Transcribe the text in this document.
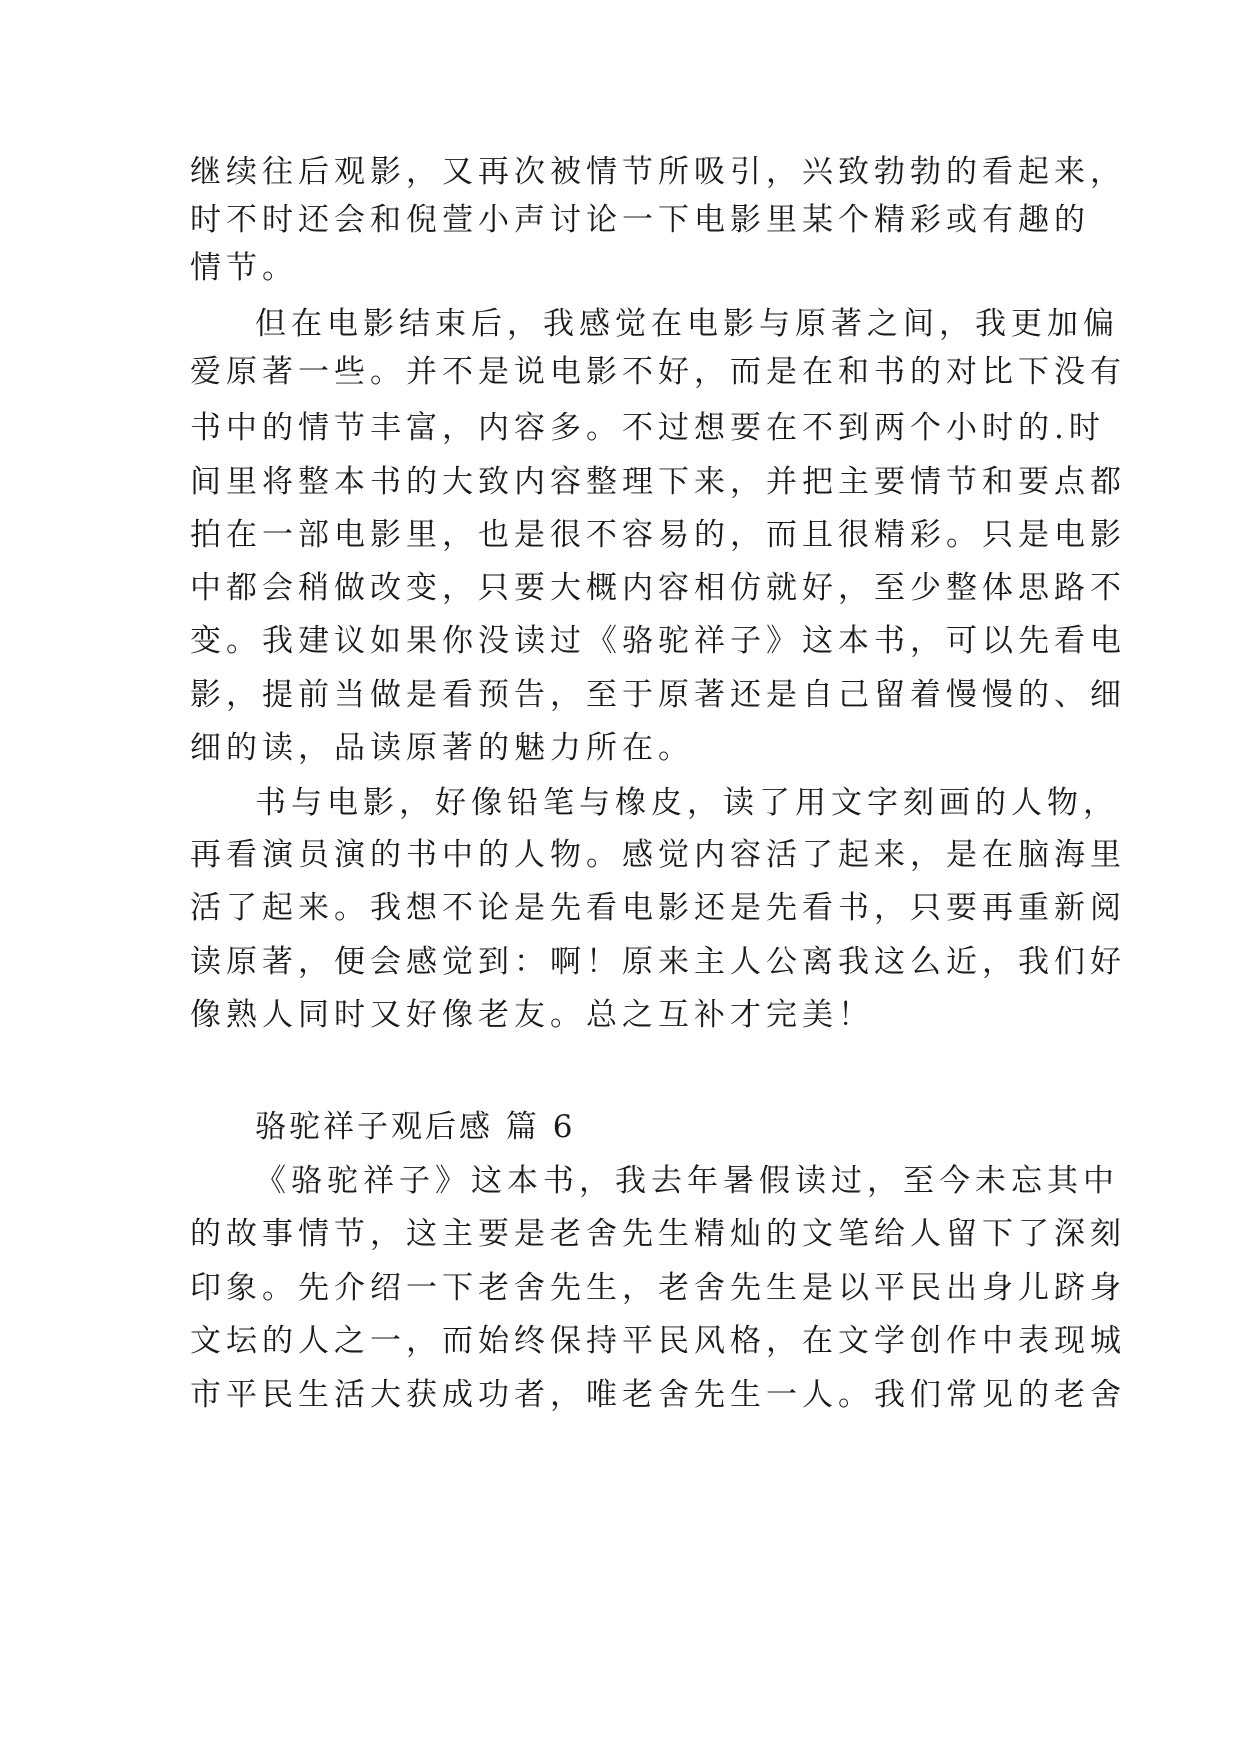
继续往后观影，又再次被情节所吸引，兴致勃勃的看起来，
时不时还会和倪萱小声讨论一下电影里某个精彩或有趣的
情节。
但在电影结束后，我感觉在电影与原著之间，我更加偏
爱原著一些。并不是说电影不好，而是在和书的对比下没有
书中的情节丰富，内容多。不过想要在不到两个小时的.时
间里将整本书的大致内容整理下来，并把主要情节和要点都
拍在一部电影里，也是很不容易的，而且很精彩。只是电影
中都会稍做改变，只要大概内容相仿就好，至少整体思路不
变。我建议如果你没读过《骆驼祥子》这本书，可以先看电
影，提前当做是看预告，至于原著还是自己留着慢慢的、细
细的读，品读原著的魅力所在。
书与电影，好像铅笔与橡皮，读了用文字刻画的人物，
再看演员演的书中的人物。感觉内容活了起来，是在脑海里
活了起来。我想不论是先看电影还是先看书，只要再重新阅
读原著，便会感觉到：啊！原来主人公离我这么近，我们好
像熟人同时又好像老友。总之互补才完美！
骆驼祥子观后感 篇 6
《骆驼祥子》这本书，我去年暑假读过，至今未忘其中
的故事情节，这主要是老舍先生精灿的文笔给人留下了深刻
印象。先介绍一下老舍先生，老舍先生是以平民出身儿跻身
文坛的人之一，而始终保持平民风格，在文学创作中表现城
市平民生活大获成功者，唯老舍先生一人。我们常见的老舍
